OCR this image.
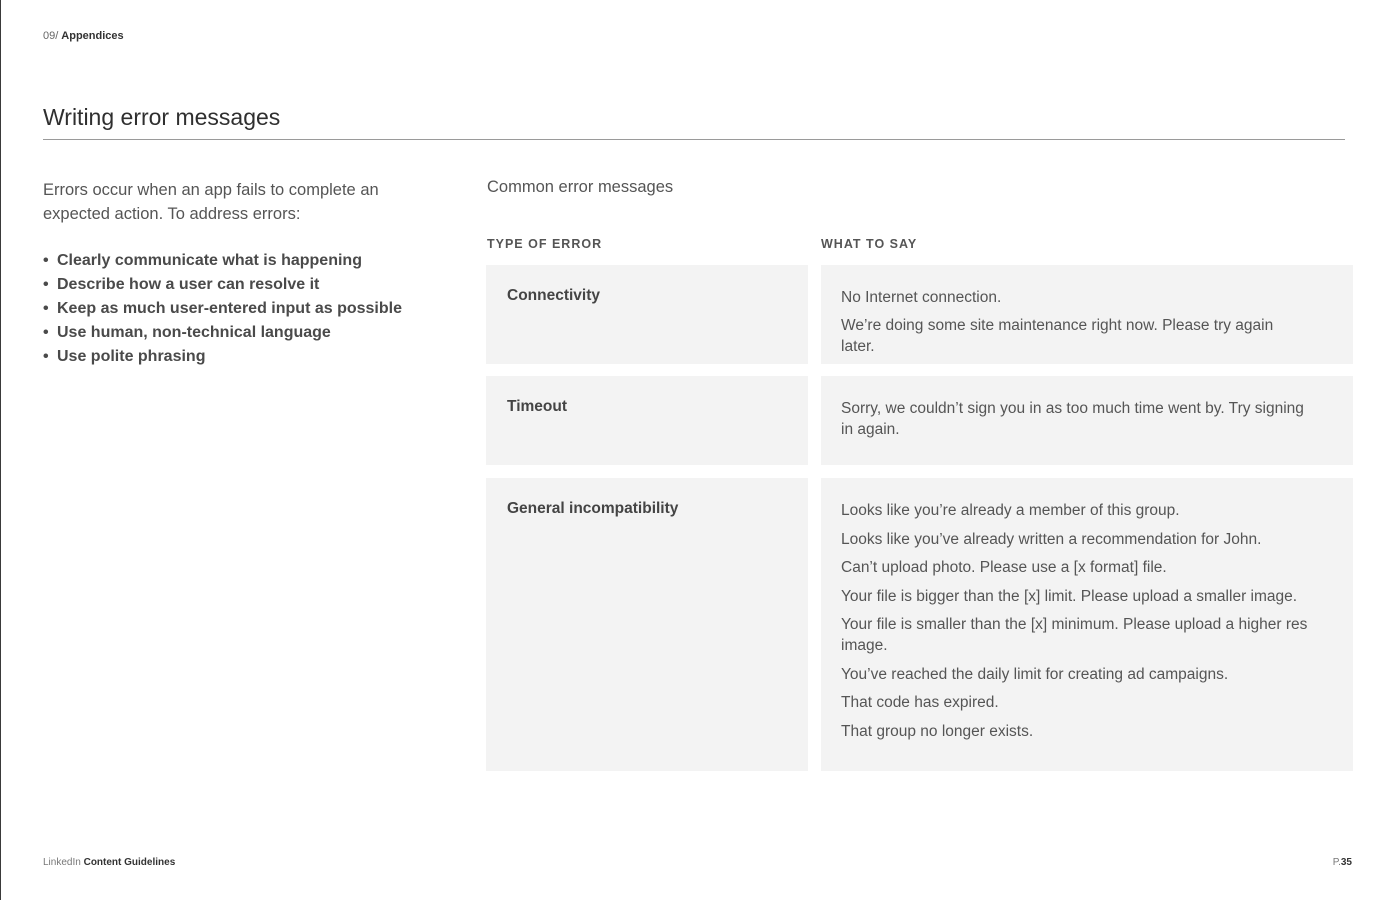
09/ Appendices
Writing error messages

Errors occur when an app fails to complete an expected action. To address errors:

• Clearly communicate what is happening
• Describe how a user can resolve it
• Keep as much user-entered input as possible
• Use human, non-technical language
• Use polite phrasing
Common error messages
TYPE OF ERROR	WHAT TO SAY
Connectivity	No Internet connection.

We’re doing some site maintenance right now. Please try again later.

Timeout	Sorry, we couldn’t sign you in as too much time went by. Try signing in again.

General incompatibility	Looks like you’re already a member of this group.

Looks like you’ve already written a recommendation for John.

Can’t upload photo. Please use a [x format] file.

Your file is bigger than the [x] limit. Please upload a smaller image.

Your file is smaller than the [x] minimum. Please upload a higher res image.

You’ve reached the daily limit for creating ad campaigns.

That code has expired.

That group no longer exists.

LinkedIn Content Guidelines	P.35
